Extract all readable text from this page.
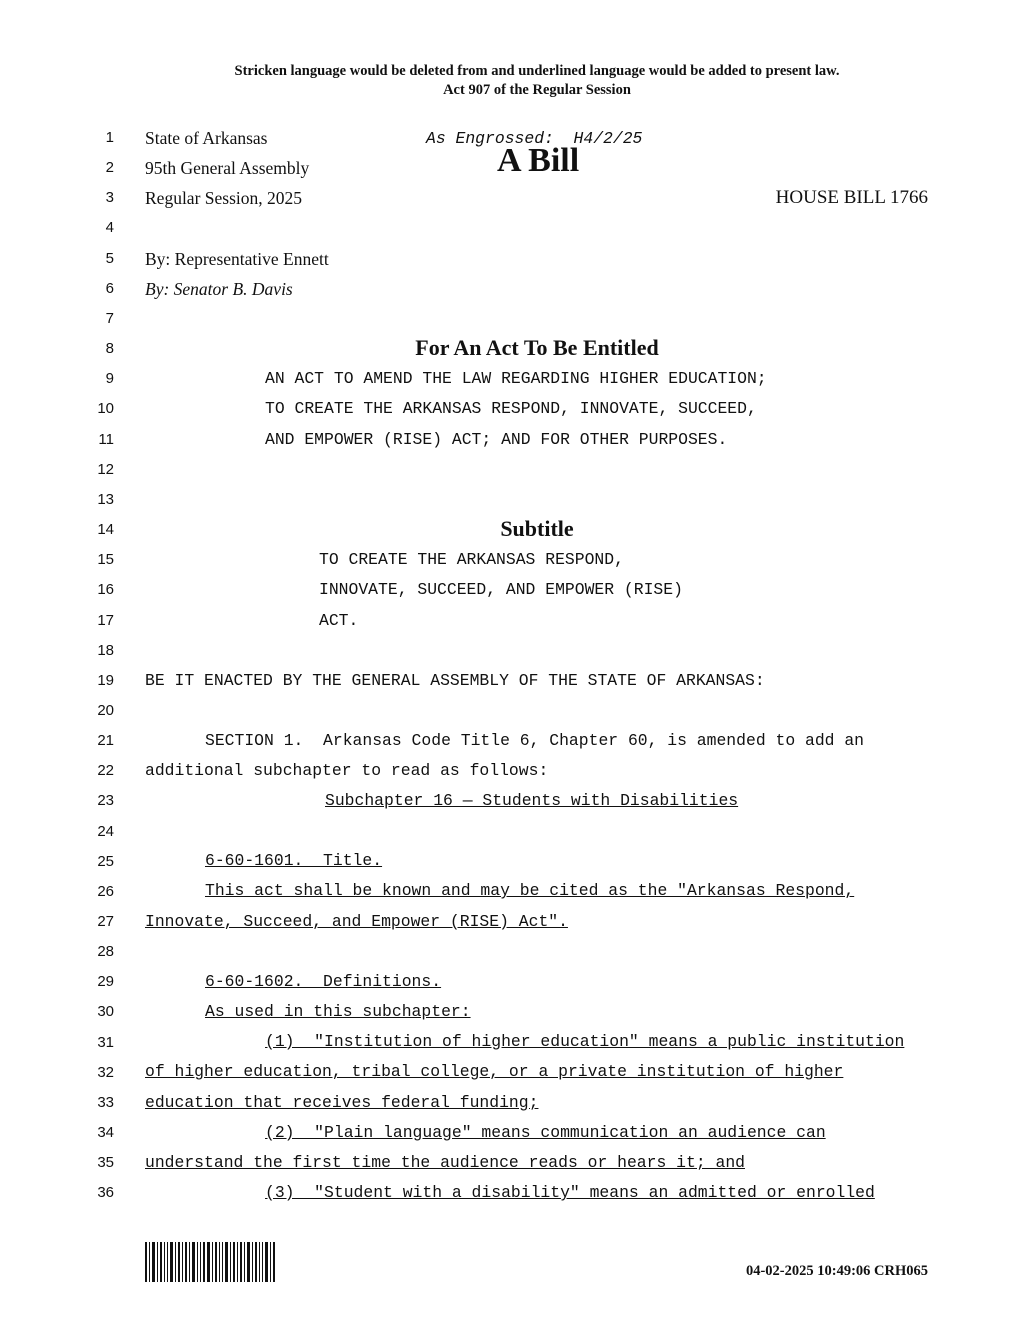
Stricken language would be deleted from and underlined language would be added to present law.
Act 907 of the Regular Session
1
2
3
4
5
6
7
8
9
10
11
12
13
14
15
16
17
18
19
20
21
22
23
24
25
26
27
28
29
30
31
32
33
34
35
36
State of Arkansas	As Engrossed:  H4/2/25
95th General Assembly	A Bill
Regular Session, 2025	HOUSE BILL 1766
By: Representative Ennett
By: Senator B. Davis
For An Act To Be Entitled
AN ACT TO AMEND THE LAW REGARDING HIGHER EDUCATION;
TO CREATE THE ARKANSAS RESPOND, INNOVATE, SUCCEED,
AND EMPOWER (RISE) ACT; AND FOR OTHER PURPOSES.
Subtitle
TO CREATE THE ARKANSAS RESPOND,
INNOVATE, SUCCEED, AND EMPOWER (RISE)
ACT.
BE IT ENACTED BY THE GENERAL ASSEMBLY OF THE STATE OF ARKANSAS:
SECTION 1.  Arkansas Code Title 6, Chapter 60, is amended to add an
additional subchapter to read as follows:
Subchapter 16 — Students with Disabilities
6-60-1601.  Title.
This act shall be known and may be cited as the "Arkansas Respond,
Innovate, Succeed, and Empower (RISE) Act".
6-60-1602.  Definitions.
As used in this subchapter:
(1)  "Institution of higher education" means a public institution
of higher education, tribal college, or a private institution of higher
education that receives federal funding;
(2)  "Plain language" means communication an audience can
understand the first time the audience reads or hears it; and
(3)  "Student with a disability" means an admitted or enrolled
04-02-2025 10:49:06 CRH065
